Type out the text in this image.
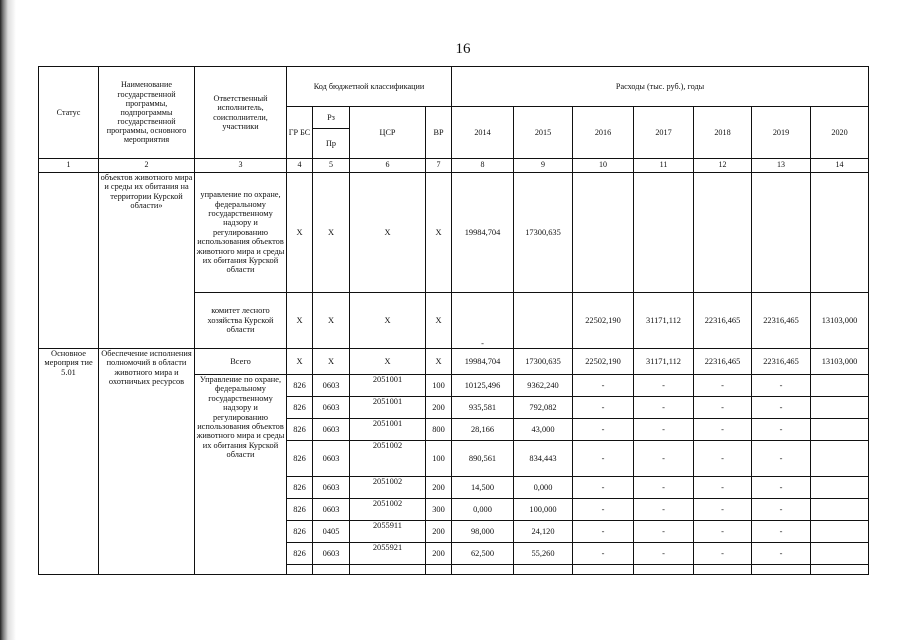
16
Статус	Наименование государственной программы, подпрограммы государственной программы, основного мероприятия	Ответственный исполнитель, соисполнители, участники	Код бюджетной классификации				Расходы (тыс. руб.), годы						
			ГР БС	Рз	ЦСР	ВР	2014	2015	2016	2017	2018	2019	2020
				Пр									
1	2	3	4	5	6	7	8	9	10	11	12	13	14
	объектов животного мира и среды их обитания на территории Курской области»	управление по охране, федеральному государственному надзору и регулированию использования объектов животного мира и среды их обитания Курской области	X	X	X	X	19984,704	17300,635					
		комитет лесного хозяйства Курской области	X	X	X	X	-		22502,190	31171,112	22316,465	22316,465	13103,000
Основное мероприя тие 5.01	Обеспечение исполнения полномочий в области животного мира и охотничьих ресурсов	Всего	X	X	X	X	19984,704	17300,635	22502,190	31171,112	22316,465	22316,465	13103,000
		Управление по охране, федеральному государственному надзору и регулированию использования объектов животного мира и среды их обитания Курской области	826	0603	2051001	100	10125,496	9362,240	-	-	-	-	
			826	0603	2051001	200	935,581	792,082	-	-	-	-	
			826	0603	2051001	800	28,166	43,000	-	-	-	-	
			826	0603	2051002	100	890,561	834,443	-	-	-	-	
			826	0603	2051002	200	14,500	0,000	-	-	-	-	
			826	0603	2051002	300	0,000	100,000	-	-	-	-	
			826	0405	2055911	200	98,000	24,120	-	-	-	-	
			826	0603	2055921	200	62,500	55,260	-	-	-	-	
